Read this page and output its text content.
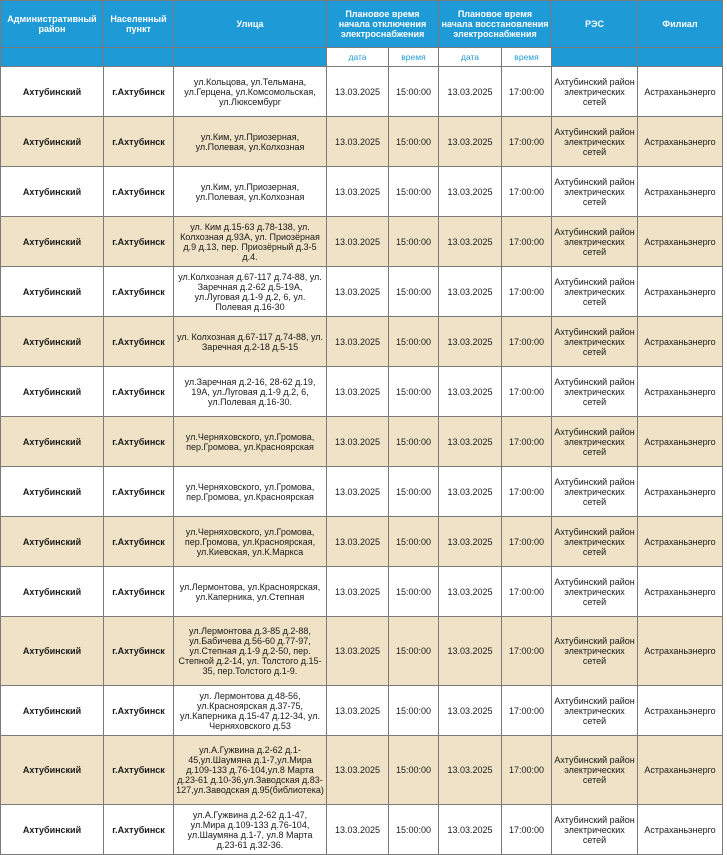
Административный район	Населенный пункт	Улица	Плановое время начала отключения электроснабжения		Плановое время начала восстановления электроснабжения		РЭС	Филиал
			дата	время	дата	время		
Ахтубинский	г.Ахтубинск	ул.Кольцова, ул.Тельмана, ул.Герцена, ул.Комсомольская, ул.Люксембург	13.03.2025	15:00:00	13.03.2025	17:00:00	Ахтубинский район электрических сетей	Астраханьэнерго
Ахтубинский	г.Ахтубинск	ул.Ким, ул.Приозерная, ул.Полевая, ул.Колхозная	13.03.2025	15:00:00	13.03.2025	17:00:00	Ахтубинский район электрических сетей	Астраханьэнерго
Ахтубинский	г.Ахтубинск	ул.Ким, ул.Приозерная, ул.Полевая, ул.Колхозная	13.03.2025	15:00:00	13.03.2025	17:00:00	Ахтубинский район электрических сетей	Астраханьэнерго
Ахтубинский	г.Ахтубинск	ул. Ким д.15-63 д.78-138, ул. Колхозная д.93А, ул. Приозёрная д.9 д.13, пер. Приозёрный д.3-5 д.4.	13.03.2025	15:00:00	13.03.2025	17:00:00	Ахтубинский район электрических сетей	Астраханьэнерго
Ахтубинский	г.Ахтубинск	ул.Колхозная д.67-117 д.74-88, ул. Заречная д.2-62 д.5-19А, ул.Луговая д.1-9 д.2, 6, ул. Полевая д.16-30	13.03.2025	15:00:00	13.03.2025	17:00:00	Ахтубинский район электрических сетей	Астраханьэнерго
Ахтубинский	г.Ахтубинск	ул. Колхозная д.67-117 д.74-88, ул. Заречная д.2-18 д.5-15	13.03.2025	15:00:00	13.03.2025	17:00:00	Ахтубинский район электрических сетей	Астраханьэнерго
Ахтубинский	г.Ахтубинск	ул.Заречная д.2-16, 28-62 д.19, 19А, ул.Луговая д.1-9 д.2, 6, ул.Полевая д.16-30.	13.03.2025	15:00:00	13.03.2025	17:00:00	Ахтубинский район электрических сетей	Астраханьэнерго
Ахтубинский	г.Ахтубинск	ул.Черняховского, ул.Громова, пер.Громова, ул.Красноярская	13.03.2025	15:00:00	13.03.2025	17:00:00	Ахтубинский район электрических сетей	Астраханьэнерго
Ахтубинский	г.Ахтубинск	ул.Черняховского, ул.Громова, пер.Громова, ул.Красноярская	13.03.2025	15:00:00	13.03.2025	17:00:00	Ахтубинский район электрических сетей	Астраханьэнерго
Ахтубинский	г.Ахтубинск	ул.Черняховского, ул.Громова, пер.Громова, ул.Красноярская, ул.Киевская, ул.К.Маркса	13.03.2025	15:00:00	13.03.2025	17:00:00	Ахтубинский район электрических сетей	Астраханьэнерго
Ахтубинский	г.Ахтубинск	ул.Лермонтова, ул.Красноярская, ул.Каперника, ул.Степная	13.03.2025	15:00:00	13.03.2025	17:00:00	Ахтубинский район электрических сетей	Астраханьэнерго
Ахтубинский	г.Ахтубинск	ул.Лермонтова д.3-85 д.2-88, ул.Бабичева д.56-60 д.77-97, ул.Степная д.1-9 д.2-50, пер. Степной д.2-14, ул. Толстого д.15-35, пер.Толстого д.1-9.	13.03.2025	15:00:00	13.03.2025	17:00:00	Ахтубинский район электрических сетей	Астраханьэнерго
Ахтубинский	г.Ахтубинск	ул. Лермонтова д.48-56, ул.Красноярская д.37-75, ул.Каперника д.15-47 д.12-34, ул. Черняховского д.53	13.03.2025	15:00:00	13.03.2025	17:00:00	Ахтубинский район электрических сетей	Астраханьэнерго
Ахтубинский	г.Ахтубинск	ул.А.Гужвина д.2-62 д.1-45,ул.Шаумяна д.1-7,ул.Мира д.109-133 д.76-104,ул.8 Марта д.23-61 д.10-36,ул.Заводская д.83-127,ул.Заводская д.95(библиотека)	13.03.2025	15:00:00	13.03.2025	17:00:00	Ахтубинский район электрических сетей	Астраханьэнерго
Ахтубинский	г.Ахтубинск	ул.А.Гужвина д.2-62 д.1-47, ул.Мира д.109-133 д.76-104, ул.Шаумяна д.1-7, ул.8 Марта д.23-61 д.32-36.	13.03.2025	15:00:00	13.03.2025	17:00:00	Ахтубинский район электрических сетей	Астраханьэнерго
